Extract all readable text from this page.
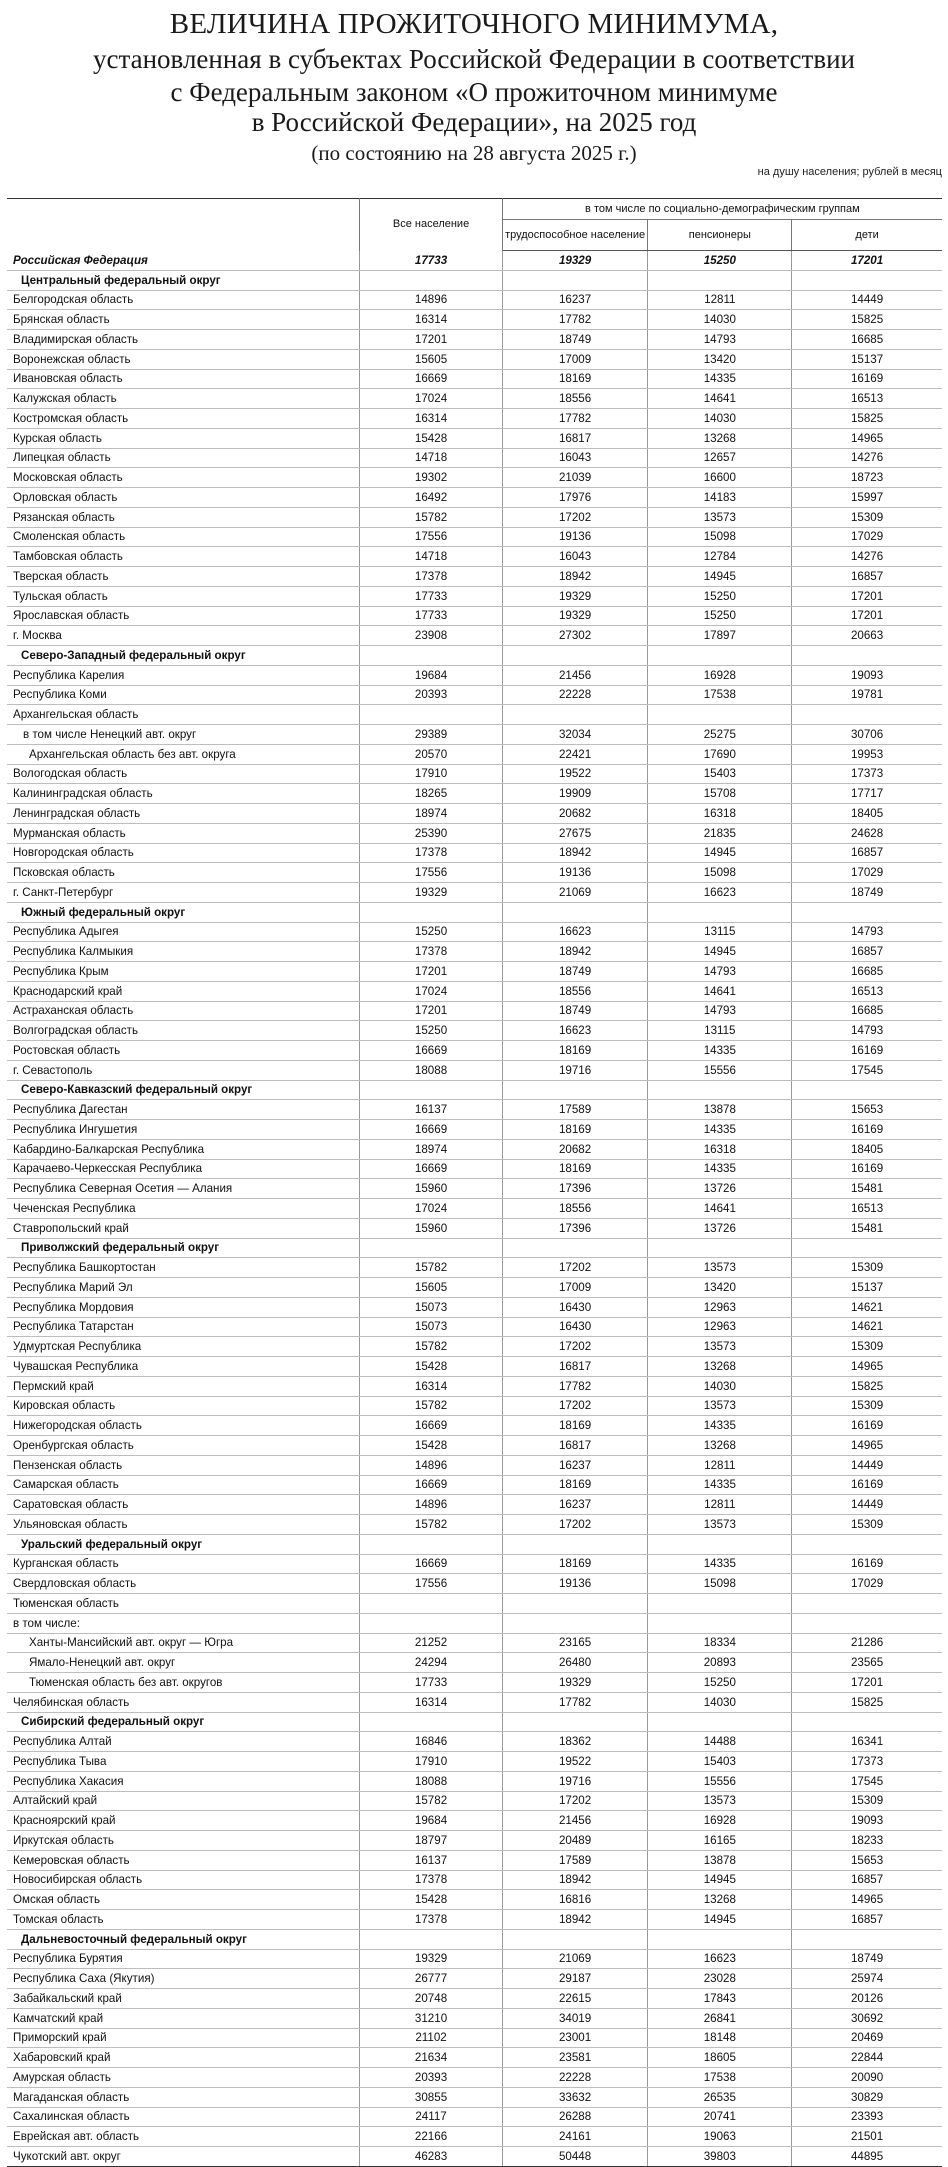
ВЕЛИЧИНА ПРОЖИТОЧНОГО МИНИМУМА,
установленная в субъектах Российской Федерации в соответствии
с Федеральным законом «О прожиточном минимуме
в Российской Федерации», на 2025 год
(по состоянию на 28 августа 2025 г.)
на душу населения; рублей в месяц
	Все население	в том числе по социально-демографическим группам		
		трудоспособное население	пенсионеры	дети
Российская Федерация	17733	19329	15250	17201
Центральный федеральный округ				
Белгородская область	14896	16237	12811	14449
Брянская область	16314	17782	14030	15825
Владимирская область	17201	18749	14793	16685
Воронежская область	15605	17009	13420	15137
Ивановская область	16669	18169	14335	16169
Калужская область	17024	18556	14641	16513
Костромская область	16314	17782	14030	15825
Курская область	15428	16817	13268	14965
Липецкая область	14718	16043	12657	14276
Московская область	19302	21039	16600	18723
Орловская область	16492	17976	14183	15997
Рязанская область	15782	17202	13573	15309
Смоленская область	17556	19136	15098	17029
Тамбовская область	14718	16043	12784	14276
Тверская область	17378	18942	14945	16857
Тульская область	17733	19329	15250	17201
Ярославская область	17733	19329	15250	17201
г. Москва	23908	27302	17897	20663
Северо-Западный федеральный округ				
Республика Карелия	19684	21456	16928	19093
Республика Коми	20393	22228	17538	19781
Архангельская область				
в том числе Ненецкий авт. округ	29389	32034	25275	30706
Архангельская область без авт. округа	20570	22421	17690	19953
Вологодская область	17910	19522	15403	17373
Калининградская область	18265	19909	15708	17717
Ленинградская область	18974	20682	16318	18405
Мурманская область	25390	27675	21835	24628
Новгородская область	17378	18942	14945	16857
Псковская область	17556	19136	15098	17029
г. Санкт-Петербург	19329	21069	16623	18749
Южный федеральный округ				
Республика Адыгея	15250	16623	13115	14793
Республика Калмыкия	17378	18942	14945	16857
Республика Крым	17201	18749	14793	16685
Краснодарский край	17024	18556	14641	16513
Астраханская область	17201	18749	14793	16685
Волгоградская область	15250	16623	13115	14793
Ростовская область	16669	18169	14335	16169
г. Севастополь	18088	19716	15556	17545
Северо-Кавказский федеральный округ				
Республика Дагестан	16137	17589	13878	15653
Республика Ингушетия	16669	18169	14335	16169
Кабардино-Балкарская Республика	18974	20682	16318	18405
Карачаево-Черкесская Республика	16669	18169	14335	16169
Республика Северная Осетия — Алания	15960	17396	13726	15481
Чеченская Республика	17024	18556	14641	16513
Ставропольский край	15960	17396	13726	15481
Приволжский федеральный округ				
Республика Башкортостан	15782	17202	13573	15309
Республика Марий Эл	15605	17009	13420	15137
Республика Мордовия	15073	16430	12963	14621
Республика Татарстан	15073	16430	12963	14621
Удмуртская Республика	15782	17202	13573	15309
Чувашская Республика	15428	16817	13268	14965
Пермский край	16314	17782	14030	15825
Кировская область	15782	17202	13573	15309
Нижегородская область	16669	18169	14335	16169
Оренбургская область	15428	16817	13268	14965
Пензенская область	14896	16237	12811	14449
Самарская область	16669	18169	14335	16169
Саратовская область	14896	16237	12811	14449
Ульяновская область	15782	17202	13573	15309
Уральский федеральный округ				
Курганская область	16669	18169	14335	16169
Свердловская область	17556	19136	15098	17029
Тюменская область				
в том числе:				
Ханты-Мансийский авт. округ — Югра	21252	23165	18334	21286
Ямало-Ненецкий авт. округ	24294	26480	20893	23565
Тюменская область без авт. округов	17733	19329	15250	17201
Челябинская область	16314	17782	14030	15825
Сибирский федеральный округ				
Республика Алтай	16846	18362	14488	16341
Республика Тыва	17910	19522	15403	17373
Республика Хакасия	18088	19716	15556	17545
Алтайский край	15782	17202	13573	15309
Красноярский край	19684	21456	16928	19093
Иркутская область	18797	20489	16165	18233
Кемеровская область	16137	17589	13878	15653
Новосибирская область	17378	18942	14945	16857
Омская область	15428	16816	13268	14965
Томская область	17378	18942	14945	16857
Дальневосточный федеральный округ				
Республика Бурятия	19329	21069	16623	18749
Республика Саха (Якутия)	26777	29187	23028	25974
Забайкальский край	20748	22615	17843	20126
Камчатский край	31210	34019	26841	30692
Приморский край	21102	23001	18148	20469
Хабаровский край	21634	23581	18605	22844
Амурская область	20393	22228	17538	20090
Магаданская область	30855	33632	26535	30829
Сахалинская область	24117	26288	20741	23393
Еврейская авт. область	22166	24161	19063	21501
Чукотский авт. округ	46283	50448	39803	44895
